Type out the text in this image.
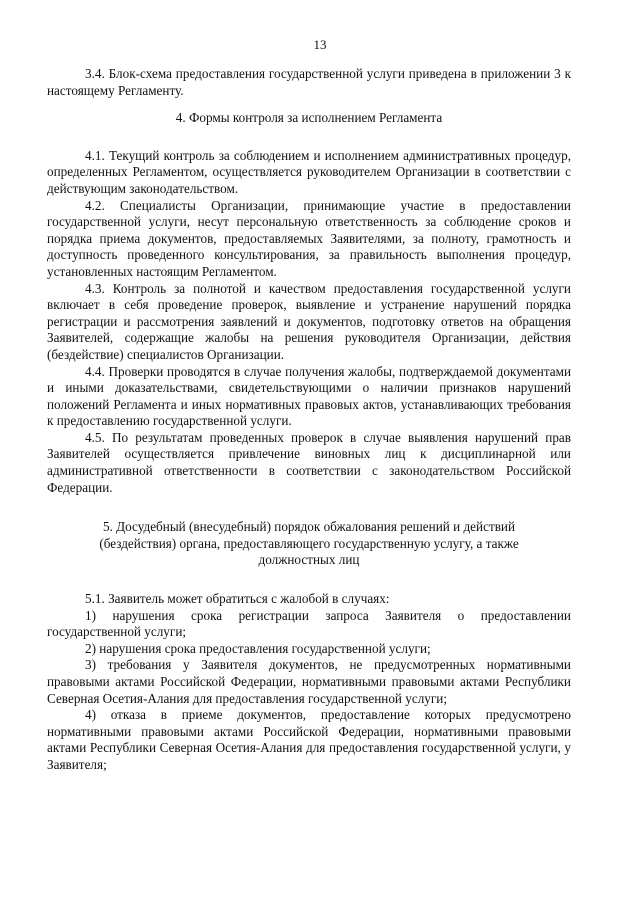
13

3.4. Блок-схема предоставления государственной услуги приведена в приложении 3 к настоящему Регламенту.

4. Формы контроля за исполнением Регламента

4.1. Текущий контроль за соблюдением и исполнением административных процедур, определенных Регламентом, осуществляется руководителем Организации в соответствии с действующим законодательством.

4.2. Специалисты Организации, принимающие участие в предоставлении государственной услуги, несут персональную ответственность за соблюдение сроков и порядка приема документов, предоставляемых Заявителями, за полноту, грамотность и доступность проведенного консультирования, за правильность выполнения процедур, установленных настоящим Регламентом.

4.3. Контроль за полнотой и качеством предоставления государственной услуги включает в себя проведение проверок, выявление и устранение нарушений порядка регистрации и рассмотрения заявлений и документов, подготовку ответов на обращения Заявителей, содержащие жалобы на решения руководителя Организации, действия (бездействие) специалистов Организации.

4.4. Проверки проводятся в случае получения жалобы, подтверждаемой документами и иными доказательствами, свидетельствующими о наличии признаков нарушений положений Регламента и иных нормативных правовых актов, устанавливающих требования к предоставлению государственной услуги.

4.5. По результатам проведенных проверок в случае выявления нарушений прав Заявителей осуществляется привлечение виновных лиц к дисциплинарной или административной ответственности в соответствии с законодательством Российской Федерации.

5. Досудебный (внесудебный) порядок обжалования решений и действий (бездействия) органа, предоставляющего государственную услугу, а также должностных лиц

5.1. Заявитель может обратиться с жалобой в случаях:

1) нарушения срока регистрации запроса Заявителя о предоставлении государственной услуги;

2) нарушения срока предоставления государственной услуги;

3) требования у Заявителя документов, не предусмотренных нормативными правовыми актами Российской Федерации, нормативными правовыми актами Республики Северная Осетия-Алания для предоставления государственной услуги;

4) отказа в приеме документов, предоставление которых предусмотрено нормативными правовыми актами Российской Федерации, нормативными правовыми актами Республики Северная Осетия-Алания для предоставления государственной услуги, у Заявителя;
